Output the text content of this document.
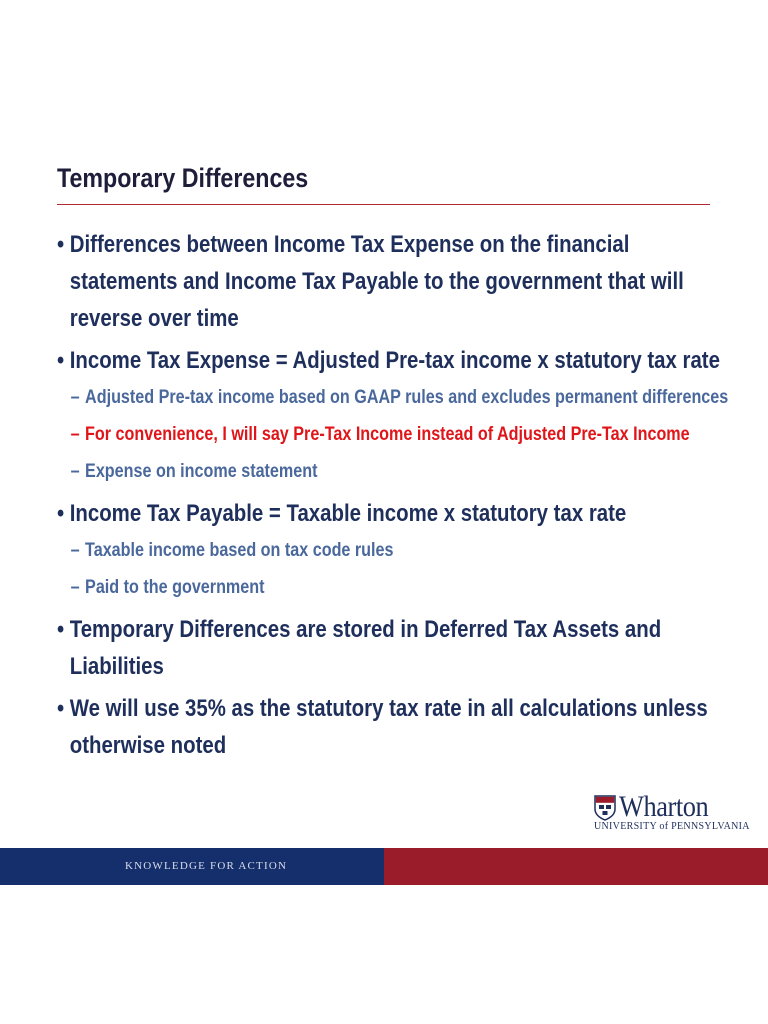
Temporary Differences
• Differences between Income Tax Expense on the financial statements and Income Tax Payable to the government that will reverse over time
• Income Tax Expense = Adjusted Pre-tax income x statutory tax rate
– Adjusted Pre-tax income based on GAAP rules and excludes permanent differences
– For convenience, I will say Pre-Tax Income instead of Adjusted Pre-Tax Income
– Expense on income statement
• Income Tax Payable = Taxable income x statutory tax rate
– Taxable income based on tax code rules
– Paid to the government
• Temporary Differences are stored in Deferred Tax Assets and Liabilities
• We will use 35% as the statutory tax rate in all calculations unless otherwise noted
Wharton
UNIVERSITY of PENNSYLVANIA
KNOWLEDGE FOR ACTION
